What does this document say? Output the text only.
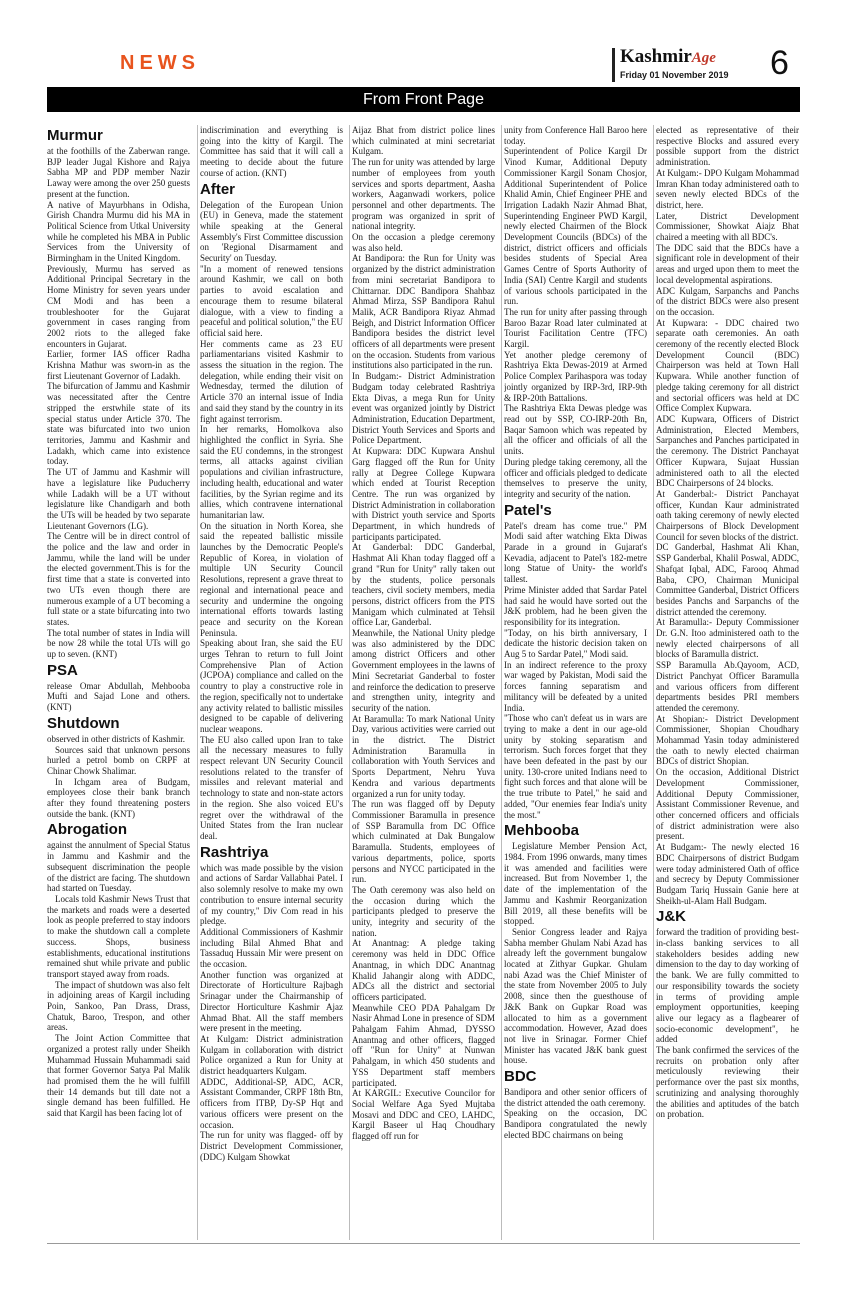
NEWS	KashmirAge
Friday 01 November 2019 6
From Front Page
Murmur

at the foothills of the Zaberwan range. BJP leader Jugal Kishore and Rajya Sabha MP and PDP member Nazir Laway were among the over 250 guests present at the function.

A native of Mayurbhans in Odisha, Girish Chandra Murmu did his MA in Political Science from Utkal University while he completed his MBA in Public Services from the University of Birmingham in the United Kingdom.

Previously, Murmu has served as Additional Principal Secretary in the Home Ministry for seven years under CM Modi and has been a troubleshooter for the Gujarat government in cases ranging from 2002 riots to the alleged fake encounters in Gujarat.

Earlier, former IAS officer Radha Krishna Mathur was sworn-in as the first Lieutenant Governor of Ladakh.

The bifurcation of Jammu and Kashmir was necessitated after the Centre stripped the erstwhile state of its special status under Article 370. The state was bifurcated into two union territories, Jammu and Kashmir and Ladakh, which came into existence today.

The UT of Jammu and Kashmir will have a legislature like Puducherry while Ladakh will be a UT without legislature like Chandigarh and both the UTs will be headed by two separate Lieutenant Governors (LG).

The Centre will be in direct control of the police and the law and order in Jammu, while the land will be under the elected government.This is for the first time that a state is converted into two UTs even though there are numerous example of a UT becoming a full state or a state bifurcating into two states.

The total number of states in India will be now 28 while the total UTs will go up to seven. (KNT)

PSA

release Omar Abdullah, Mehbooba Mufti and Sajad Lone and others. (KNT)

Shutdown

observed in other districts of Kashmir.

Sources said that unknown persons hurled a petrol bomb on CRPF at Chinar Chowk Shalimar.

In Ichgam area of Budgam, employees close their bank branch after they found threatening posters outside the bank. (KNT)

Abrogation

against the annulment of Special Status in Jammu and Kashmir and the subsequent discrimination the people of the district are facing. The shutdown had started on Tuesday.

Locals told Kashmir News Trust that the markets and roads were a deserted look as people preferred to stay indoors to make the shutdown call a complete success. Shops, business establishments, educational institutions remained shut while private and public transport stayed away from roads.

The impact of shutdown was also felt in adjoining areas of Kargil including Poin, Sankoo, Pan Drass, Drass, Chatuk, Baroo, Trespon, and other areas.

The Joint Action Committee that organized a protest rally under Sheikh Muhammad Hussain Muhammadi said that former Governor Satya Pal Malik had promised them the he will fulfill their 14 demands but till date not a single demand has been fulfilled. He said that Kargil has been facing lot of

indiscrimination and everything is going into the kitty of Kargil. The Committee has said that it will call a meeting to decide about the future course of action. (KNT)

After

Delegation of the European Union (EU) in Geneva, made the statement while speaking at the General Assembly's First Committee discussion on 'Regional Disarmament and Security' on Tuesday.

"In a moment of renewed tensions around Kashmir, we call on both parties to avoid escalation and encourage them to resume bilateral dialogue, with a view to finding a peaceful and political solution," the EU official said here.

Her comments came as 23 EU parliamentarians visited Kashmir to assess the situation in the region. The delegation, while ending their visit on Wednesday, termed the dilution of Article 370 an internal issue of India and said they stand by the country in its fight against terrorism.

In her remarks, Homolkova also highlighted the conflict in Syria. She said the EU condemns, in the strongest terms, all attacks against civilian populations and civilian infrastructure, including health, educational and water facilities, by the Syrian regime and its allies, which contravene international humanitarian law.

On the situation in North Korea, she said the repeated ballistic missile launches by the Democratic People's Republic of Korea, in violation of multiple UN Security Council Resolutions, represent a grave threat to regional and international peace and security and undermine the ongoing international efforts towards lasting peace and security on the Korean Peninsula.

Speaking about Iran, she said the EU urges Tehran to return to full Joint Comprehensive Plan of Action (JCPOA) compliance and called on the country to play a constructive role in the region, specifically not to undertake any activity related to ballistic missiles designed to be capable of delivering nuclear weapons.

The EU also called upon Iran to take all the necessary measures to fully respect relevant UN Security Council resolutions related to the transfer of missiles and relevant material and technology to state and non-state actors in the region. She also voiced EU's regret over the withdrawal of the United States from the Iran nuclear deal.

Rashtriya

which was made possible by the vision and actions of Sardar Vallabhai Patel. I also solemnly resolve to make my own contribution to ensure internal security of my country," Div Com read in his pledge.

Additional Commissioners of Kashmir including Bilal Ahmed Bhat and Tassaduq Hussain Mir were present on the occasion.

Another function was organized at Directorate of Horticulture Rajbagh Srinagar under the Chairmanship of Director Horticulture Kashmir Ajaz Ahmad Bhat. All the staff members were present in the meeting.

At Kulgam: District administration Kulgam in collaboration with district Police organized a Run for Unity at district headquarters Kulgam.

ADDC, Additional-SP, ADC, ACR, Assistant Commander, CRPF 18th Btn, officers from ITBP, Dy-SP Hqt and various officers were present on the occasion.

The run for unity was flagged- off by District Development Commissioner, (DDC) Kulgam Showkat

Aijaz Bhat from district police lines which culminated at mini secretariat Kulgam.

The run for unity was attended by large number of employees from youth services and sports department, Aasha workers, Aaganwadi workers, police personnel and other departments. The program was organized in sprit of national integrity.

On the occasion a pledge ceremony was also held.

At Bandipora: the Run for Unity was organized by the district administration from mini secretariat Bandipora to Chittarnar. DDC Bandipora Shahbaz Ahmad Mirza, SSP Bandipora Rahul Malik, ACR Bandipora Riyaz Ahmad Beigh, and District Information Officer Bandipora besides the district level officers of all departments were present on the occasion. Students from various institutions also participated in the run.

In Budgam:- District Administration Budgam today celebrated Rashtriya Ekta Divas, a mega Run for Unity event was organized jointly by District Administration, Education Department, District Youth Services and Sports and Police Department.

At Kupwara: DDC Kupwara Anshul Garg flagged off the Run for Unity rally at Degree College Kupwara which ended at Tourist Reception Centre. The run was organized by District Administration in collaboration with District youth service and Sports Department, in which hundreds of participants participated.

At Ganderbal: DDC Ganderbal, Hashmat Ali Khan today flagged off a grand "Run for Unity" rally taken out by the students, police personals teachers, civil society members, media persons, district officers from the PTS Manigam which culminated at Tehsil office Lar, Ganderbal.

Meanwhile, the National Unity pledge was also administered by the DDC among district Officers and other Government employees in the lawns of Mini Secretariat Ganderbal to foster and reinforce the dedication to preserve and strengthen unity, integrity and security of the nation.

At Baramulla: To mark National Unity Day, various activities were carried out in the district. The District Administration Baramulla in collaboration with Youth Services and Sports Department, Nehru Yuva Kendra and various departments organized a run for unity today.

The run was flagged off by Deputy Commissioner Baramulla in presence of SSP Baramulla from DC Office which culminated at Dak Bungalow Baramulla. Students, employees of various departments, police, sports persons and NYCC participated in the run.

The Oath ceremony was also held on the occasion during which the participants pledged to preserve the unity, integrity and security of the nation.

At Anantnag: A pledge taking ceremony was held in DDC Office Anantnag, in which DDC Anantnag Khalid Jahangir along with ADDC, ADCs all the district and sectorial officers participated.

Meanwhile CEO PDA Pahalgam Dr Nasir Ahmad Lone in presence of SDM Pahalgam Fahim Ahmad, DYSSO Anantnag and other officers, flagged off "Run for Unity" at Nunwan Pahalgam, in which 450 students and YSS Department staff members participated.

At KARGIL: Executive Councilor for Social Welfare Aga Syed Mujtaba Mosavi and DDC and CEO, LAHDC, Kargil Baseer ul Haq Choudhary flagged off run for

unity from Conference Hall Baroo here today.

Superintendent of Police Kargil Dr Vinod Kumar, Additional Deputy Commissioner Kargil Sonam Chosjor, Additional Superintendent of Police Khalid Amin, Chief Engineer PHE and Irrigation Ladakh Nazir Ahmad Bhat, Superintending Engineer PWD Kargil, newly elected Chairmen of the Block Development Councils (BDCs) of the district, district officers and officials besides students of Special Area Games Centre of Sports Authority of India (SAI) Centre Kargil and students of various schools participated in the run.

The run for unity after passing through Baroo Bazar Road later culminated at Tourist Facilitation Centre (TFC) Kargil.

Yet another pledge ceremony of Rashtriya Ekta Dewas-2019 at Armed Police Complex Parihaspora was today jointly organized by IRP-3rd, IRP-9th & IRP-20th Battalions.

The Rashtriya Ekta Dewas pledge was read out by SSP, CO-IRP-20th Bn, Baqar Samoon which was repeated by all the officer and officials of all the units.

During pledge taking ceremony, all the officer and officials pledged to dedicate themselves to preserve the unity, integrity and security of the nation.

Patel's

Patel's dream has come true." PM Modi said after watching Ekta Diwas Parade in a ground in Gujarat's Kevadia, adjacent to Patel's 182-metre long Statue of Unity- the world's tallest.

Prime Minister added that Sardar Patel had said he would have sorted out the J&K problem, had he been given the responsibility for its integration.

"Today, on his birth anniversary, I dedicate the historic decision taken on Aug 5 to Sardar Patel," Modi said.

In an indirect reference to the proxy war waged by Pakistan, Modi said the forces fanning separatism and militancy will be defeated by a united India.

"Those who can't defeat us in wars are trying to make a dent in our age-old unity by stoking separatism and terrorism. Such forces forget that they have been defeated in the past by our unity. 130-crore united Indians need to fight such forces and that alone will be the true tribute to Patel," he said and added, "Our enemies fear India's unity the most."

Mehbooba

Legislature Member Pension Act, 1984. From 1996 onwards, many times it was amended and facilities were increased. But from November 1, the date of the implementation of the Jammu and Kashmir Reorganization Bill 2019, all these benefits will be stopped.

Senior Congress leader and Rajya Sabha member Ghulam Nabi Azad has already left the government bungalow located at Zithyar Gupkar. Ghulam nabi Azad was the Chief Minister of the state from November 2005 to July 2008, since then the guesthouse of J&K Bank on Gupkar Road was allocated to him as a government accommodation. However, Azad does not live in Srinagar. Former Chief Minister has vacated J&K bank guest house.

BDC

Bandipora and other senior officers of the district attended the oath ceremony.

Speaking on the occasion, DC Bandipora congratulated the newly elected BDC chairmans on being

elected as representative of their respective Blocks and assured every possible support from the district administration.

At Kulgam:- DPO Kulgam Mohammad Imran Khan today administered oath to seven newly elected BDCs of the district, here.

Later, District Development Commissioner, Showkat Aiajz Bhat chaired a meeting with all BDC's.

The DDC said that the BDCs have a significant role in development of their areas and urged upon them to meet the local developmental aspirations.

ADC Kulgam, Sarpanchs and Panchs of the district BDCs were also present on the occasion.

At Kupwara: - DDC chaired two separate oath ceremonies. An oath ceremony of the recently elected Block Development Council (BDC) Chairperson was held at Town Hall Kupwara. While another function of pledge taking ceremony for all district and sectorial officers was held at DC Office Complex Kupwara.

ADC Kupwara, Officers of District Administration, Elected Members, Sarpanches and Panches participated in the ceremony. The District Panchayat Officer Kupwara, Sujaat Hussian administered oath to all the elected BDC Chairpersons of 24 blocks.

At Ganderbal:- District Panchayat officer, Kundan Kaur administrated oath taking ceremony of newly elected Chairpersons of Block Development Council for seven blocks of the district.

DC Ganderbal, Hashmat Ali Khan, SSP Ganderbal, Khalil Poswal, ADDC, Shafqat Iqbal, ADC, Farooq Ahmad Baba, CPO, Chairman Municipal Committee Ganderbal, District Officers besides Panchs and Sarpanchs of the district attended the ceremony.

At Baramulla:- Deputy Commissioner Dr. G.N. Itoo administered oath to the newly elected chairpersons of all blocks of Baramulla district.

SSP Baramulla Ab.Qayoom, ACD, District Panchyat Officer Baramulla and various officers from different departments besides PRI members attended the ceremony.

At Shopian:- District Development Commissioner, Shopian Choudhary Mohammad Yasin today administered the oath to newly elected chairman BDCs of district Shopian.

On the occasion, Additional District Development Commissioner, Additional Deputy Commissioner, Assistant Commissioner Revenue, and other concerned officers and officials of district administration were also present.

At Budgam:- The newly elected 16 BDC Chairpersons of district Budgam were today administered Oath of office and secrecy by Deputy Commissioner Budgam Tariq Hussain Ganie here at Sheikh-ul-Alam Hall Budgam.

J&K

forward the tradition of providing best-in-class banking services to all stakeholders besides adding new dimension to the day to day working of the bank. We are fully committed to our responsibility towards the society in terms of providing ample employment opportunities, keeping alive our legacy as a flagbearer of socio-economic development", he added

The bank confirmed the services of the recruits on probation only after meticulously reviewing their performance over the past six months, scrutinizing and analysing thoroughly the abilities and aptitudes of the batch on probation.
